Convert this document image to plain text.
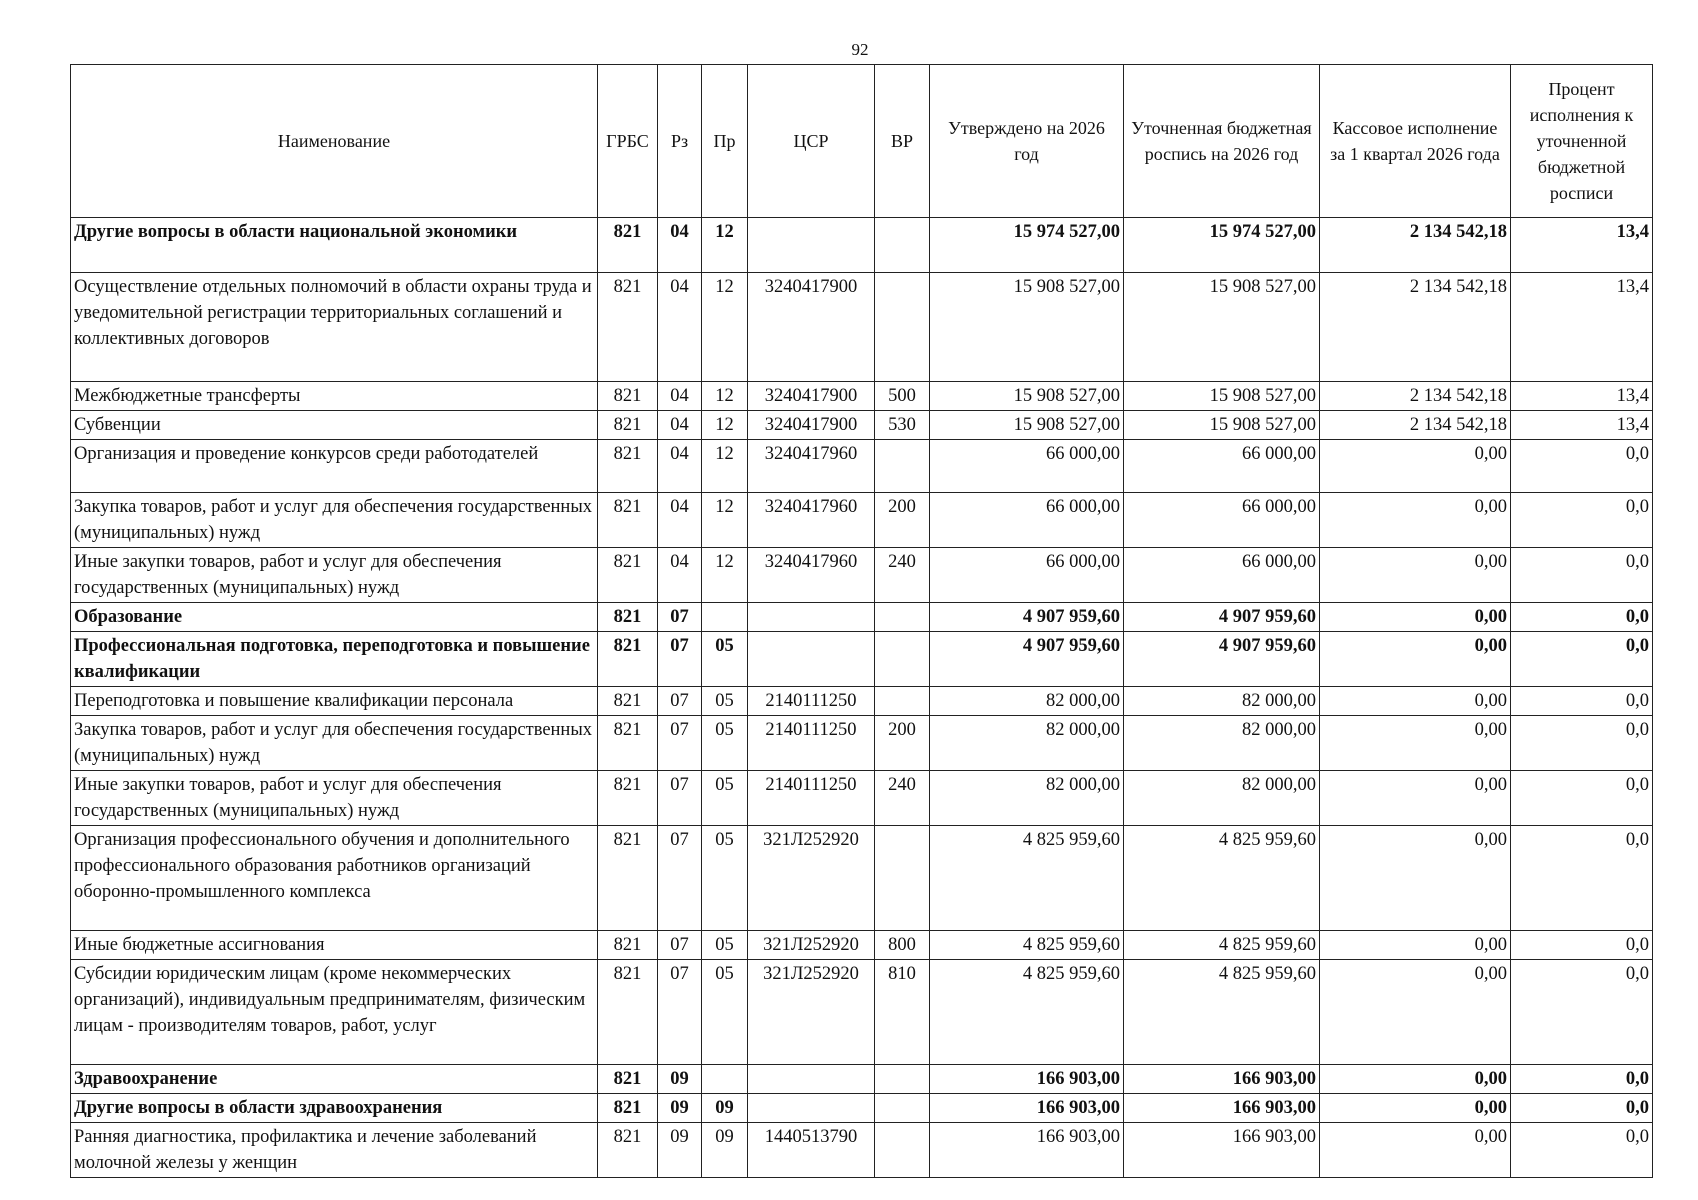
92
Наименование	ГРБС	Рз	Пр	ЦСР	ВР	Утверждено на 2026 год	Уточненная бюджетная роспись на 2026 год	Кассовое исполнение за 1 квартал 2026 года	Процент исполнения к уточненной бюджетной росписи
Другие вопросы в области национальной экономики	821	04	12			15 974 527,00	15 974 527,00	2 134 542,18	13,4
Осуществление отдельных полномочий в области охраны труда и уведомительной регистрации территориальных соглашений и коллективных договоров	821	04	12	3240417900		15 908 527,00	15 908 527,00	2 134 542,18	13,4
Межбюджетные трансферты	821	04	12	3240417900	500	15 908 527,00	15 908 527,00	2 134 542,18	13,4
Субвенции	821	04	12	3240417900	530	15 908 527,00	15 908 527,00	2 134 542,18	13,4
Организация и проведение конкурсов среди работодателей	821	04	12	3240417960		66 000,00	66 000,00	0,00	0,0
Закупка товаров, работ и услуг для обеспечения государственных (муниципальных) нужд	821	04	12	3240417960	200	66 000,00	66 000,00	0,00	0,0
Иные закупки товаров, работ и услуг для обеспечения государственных (муниципальных) нужд	821	04	12	3240417960	240	66 000,00	66 000,00	0,00	0,0
Образование	821	07				4 907 959,60	4 907 959,60	0,00	0,0
Профессиональная подготовка, переподготовка и повышение квалификации	821	07	05			4 907 959,60	4 907 959,60	0,00	0,0
Переподготовка и повышение квалификации персонала	821	07	05	2140111250		82 000,00	82 000,00	0,00	0,0
Закупка товаров, работ и услуг для обеспечения государственных (муниципальных) нужд	821	07	05	2140111250	200	82 000,00	82 000,00	0,00	0,0
Иные закупки товаров, работ и услуг для обеспечения государственных (муниципальных) нужд	821	07	05	2140111250	240	82 000,00	82 000,00	0,00	0,0
Организация профессионального обучения и дополнительного профессионального образования работников организаций оборонно-промышленного комплекса	821	07	05	321Л252920		4 825 959,60	4 825 959,60	0,00	0,0
Иные бюджетные ассигнования	821	07	05	321Л252920	800	4 825 959,60	4 825 959,60	0,00	0,0
Субсидии юридическим лицам (кроме некоммерческих организаций), индивидуальным предпринимателям, физическим лицам - производителям товаров, работ, услуг	821	07	05	321Л252920	810	4 825 959,60	4 825 959,60	0,00	0,0
Здравоохранение	821	09				166 903,00	166 903,00	0,00	0,0
Другие вопросы в области здравоохранения	821	09	09			166 903,00	166 903,00	0,00	0,0
Ранняя диагностика, профилактика и лечение заболеваний молочной железы у женщин	821	09	09	1440513790		166 903,00	166 903,00	0,00	0,0
